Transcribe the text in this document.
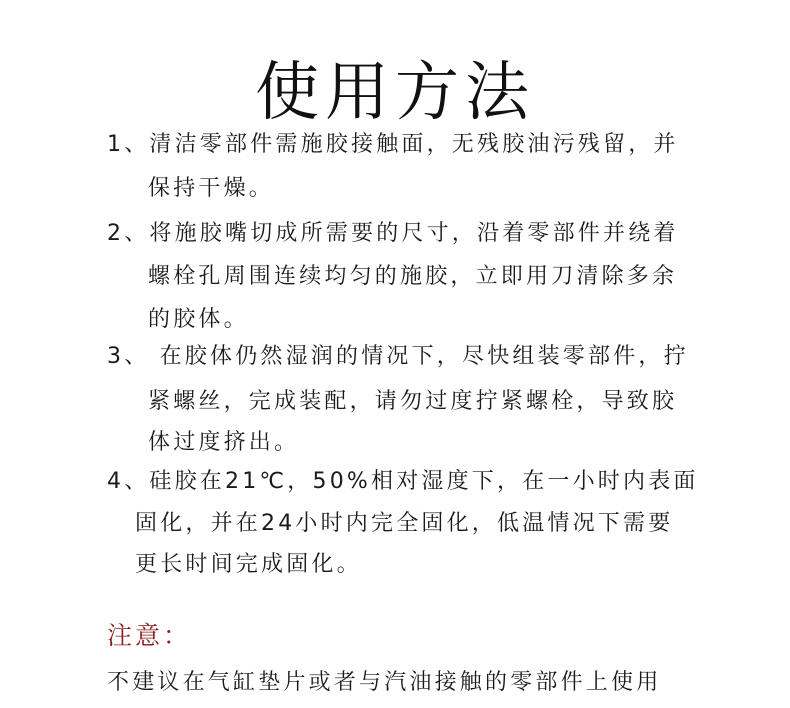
使用方法
1、清洁零部件需施胶接触面，无残胶油污残留，并
保持干燥。
2、将施胶嘴切成所需要的尺寸，沿着零部件并绕着
螺栓孔周围连续均匀的施胶，立即用刀清除多余
的胶体。
3、 在胶体仍然湿润的情况下，尽快组装零部件，拧
紧螺丝，完成装配，请勿过度拧紧螺栓，导致胶
体过度挤出。
4、硅胶在21℃，50%相对湿度下，在一小时内表面
固化，并在24小时内完全固化，低温情况下需要
更长时间完成固化。
注意：
不建议在气缸垫片或者与汽油接触的零部件上使用
